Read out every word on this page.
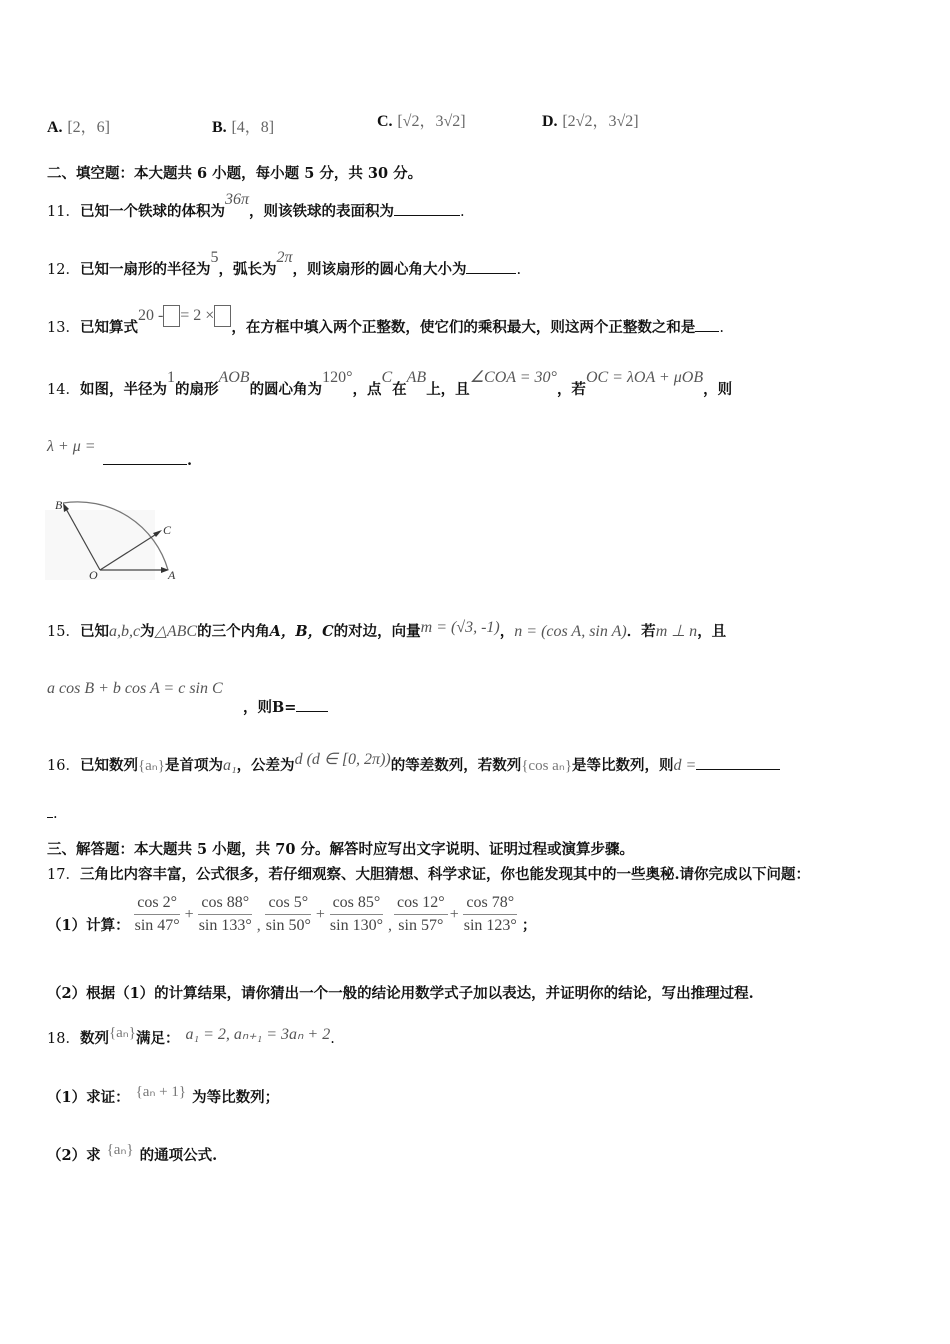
A. [2，6]	B. [4，8]	C. [√2，3√2]	D. [2√2，3√2]
二、填空题：本大题共 6 小题，每小题 5 分，共 30 分。
11．已知一个铁球的体积为36π，则该铁球的表面积为	.
12．已知一扇形的半径为5，弧长为2π，则该扇形的圆心角大小为	.
13．已知算式20 - = 2 ×，在方框中填入两个正整数，使它们的乘积最大，则这两个正整数之和是 .
14．如图，半径为1的扇形AOB的圆心角为120°，点C在AB上，且∠COA = 30°，若OC = λOA + μOB，则
λ + μ =
.
B
C
O	A
15．已知a,b,c为△ABC的三个内角A，B，C的对边，向量m = (√3, -1)，n = (cos A, sin A)．若m ⊥ n，且
a cos B + b cos A = c sin C
，则B=
16．已知数列{aₙ}是首项为a₁，公差为d (d ∈ [0, 2π))的等差数列，若数列{cos aₙ}是等比数列，则d =
.
三、解答题：本大题共 5 小题，共 70 分。解答时应写出文字说明、证明过程或演算步骤。
17．三角比内容丰富，公式很多，若仔细观察、大胆猜想、科学求证，你也能发现其中的一些奥秘.请你完成以下问题：
（1）计算： $\frac{\cos 2^\circ}{\sin 47^\circ} + \frac{\cos 88^\circ}{\sin 133^\circ}$ , $\frac{\cos 5^\circ}{\sin 50^\circ} + \frac{\cos 85^\circ}{\sin 130^\circ}$ , $\frac{\cos 12^\circ}{\sin 57^\circ} + \frac{\cos 78^\circ}{\sin 123^\circ}$ ；
（2）根据（1）的计算结果，请你猜出一个一般的结论用数学式子加以表达，并证明你的结论，写出推理过程.
18．数列{aₙ}满足： a₁ = 2, aₙ₊₁ = 3aₙ + 2.
（1）求证： {aₙ + 1} 为等比数列；
（2）求 {aₙ} 的通项公式.
